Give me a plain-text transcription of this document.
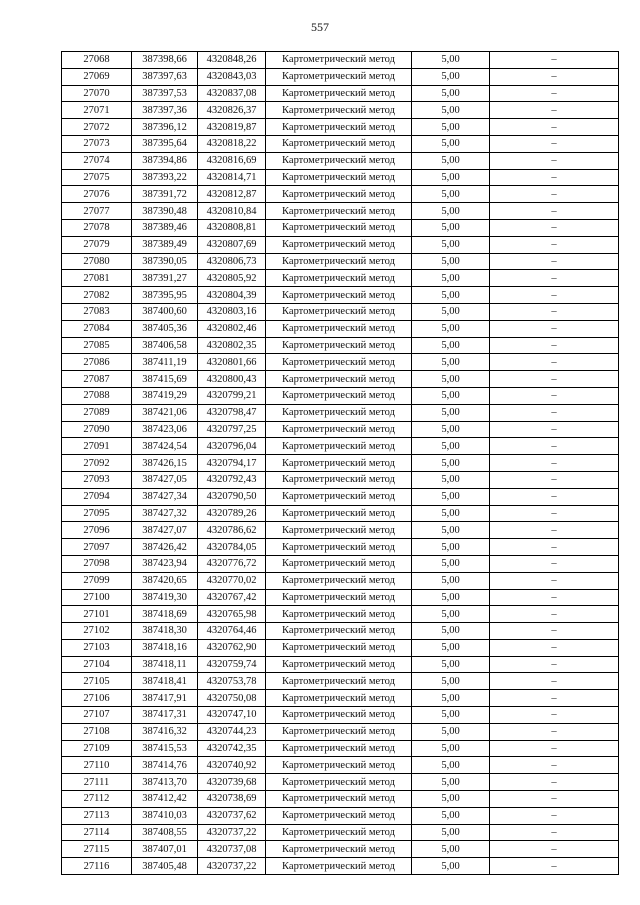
557
27068	387398,66	4320848,26	Картометрический метод	5,00	–
27069	387397,63	4320843,03	Картометрический метод	5,00	–
27070	387397,53	4320837,08	Картометрический метод	5,00	–
27071	387397,36	4320826,37	Картометрический метод	5,00	–
27072	387396,12	4320819,87	Картометрический метод	5,00	–
27073	387395,64	4320818,22	Картометрический метод	5,00	–
27074	387394,86	4320816,69	Картометрический метод	5,00	–
27075	387393,22	4320814,71	Картометрический метод	5,00	–
27076	387391,72	4320812,87	Картометрический метод	5,00	–
27077	387390,48	4320810,84	Картометрический метод	5,00	–
27078	387389,46	4320808,81	Картометрический метод	5,00	–
27079	387389,49	4320807,69	Картометрический метод	5,00	–
27080	387390,05	4320806,73	Картометрический метод	5,00	–
27081	387391,27	4320805,92	Картометрический метод	5,00	–
27082	387395,95	4320804,39	Картометрический метод	5,00	–
27083	387400,60	4320803,16	Картометрический метод	5,00	–
27084	387405,36	4320802,46	Картометрический метод	5,00	–
27085	387406,58	4320802,35	Картометрический метод	5,00	–
27086	387411,19	4320801,66	Картометрический метод	5,00	–
27087	387415,69	4320800,43	Картометрический метод	5,00	–
27088	387419,29	4320799,21	Картометрический метод	5,00	–
27089	387421,06	4320798,47	Картометрический метод	5,00	–
27090	387423,06	4320797,25	Картометрический метод	5,00	–
27091	387424,54	4320796,04	Картометрический метод	5,00	–
27092	387426,15	4320794,17	Картометрический метод	5,00	–
27093	387427,05	4320792,43	Картометрический метод	5,00	–
27094	387427,34	4320790,50	Картометрический метод	5,00	–
27095	387427,32	4320789,26	Картометрический метод	5,00	–
27096	387427,07	4320786,62	Картометрический метод	5,00	–
27097	387426,42	4320784,05	Картометрический метод	5,00	–
27098	387423,94	4320776,72	Картометрический метод	5,00	–
27099	387420,65	4320770,02	Картометрический метод	5,00	–
27100	387419,30	4320767,42	Картометрический метод	5,00	–
27101	387418,69	4320765,98	Картометрический метод	5,00	–
27102	387418,30	4320764,46	Картометрический метод	5,00	–
27103	387418,16	4320762,90	Картометрический метод	5,00	–
27104	387418,11	4320759,74	Картометрический метод	5,00	–
27105	387418,41	4320753,78	Картометрический метод	5,00	–
27106	387417,91	4320750,08	Картометрический метод	5,00	–
27107	387417,31	4320747,10	Картометрический метод	5,00	–
27108	387416,32	4320744,23	Картометрический метод	5,00	–
27109	387415,53	4320742,35	Картометрический метод	5,00	–
27110	387414,76	4320740,92	Картометрический метод	5,00	–
27111	387413,70	4320739,68	Картометрический метод	5,00	–
27112	387412,42	4320738,69	Картометрический метод	5,00	–
27113	387410,03	4320737,62	Картометрический метод	5,00	–
27114	387408,55	4320737,22	Картометрический метод	5,00	–
27115	387407,01	4320737,08	Картометрический метод	5,00	–
27116	387405,48	4320737,22	Картометрический метод	5,00	–
